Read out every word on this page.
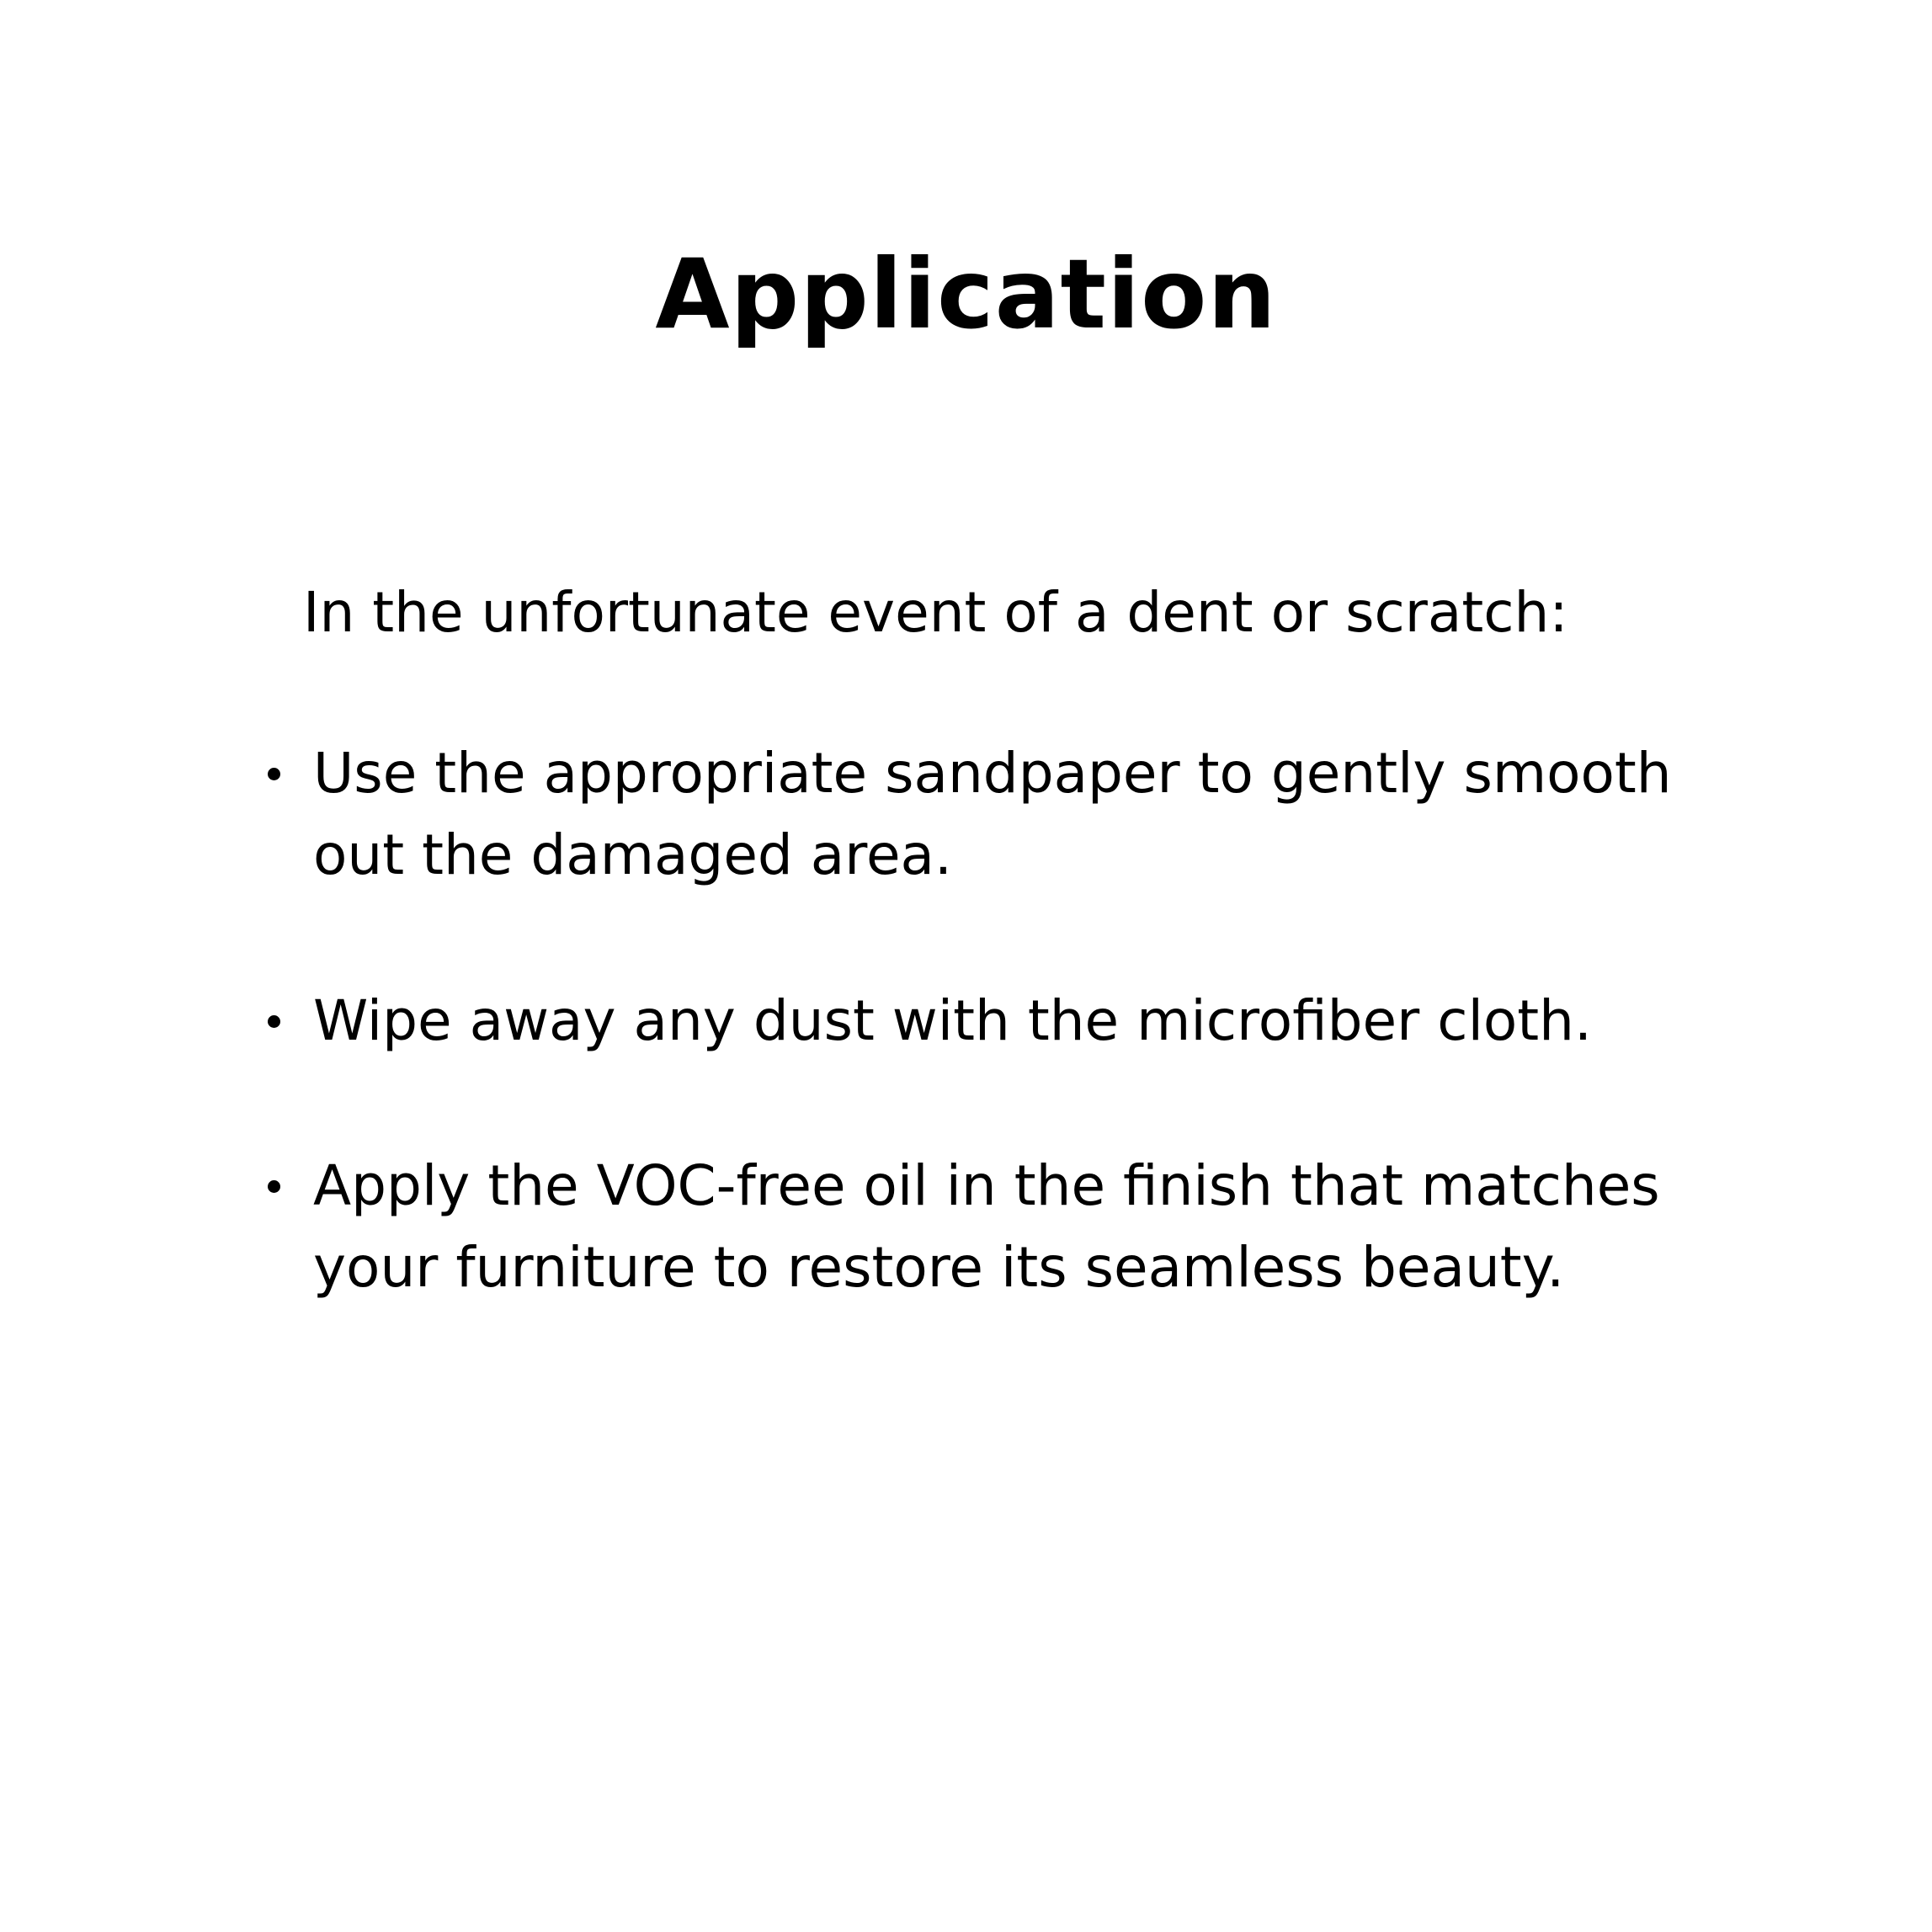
Application

In the unfortunate event of a dent or scratch:

Use the appropriate sandpaper to gently smooth out the damaged area.

Wipe away any dust with the microfiber cloth.

Apply the VOC-free oil in the finish that matches your furniture to restore its seamless beauty.
